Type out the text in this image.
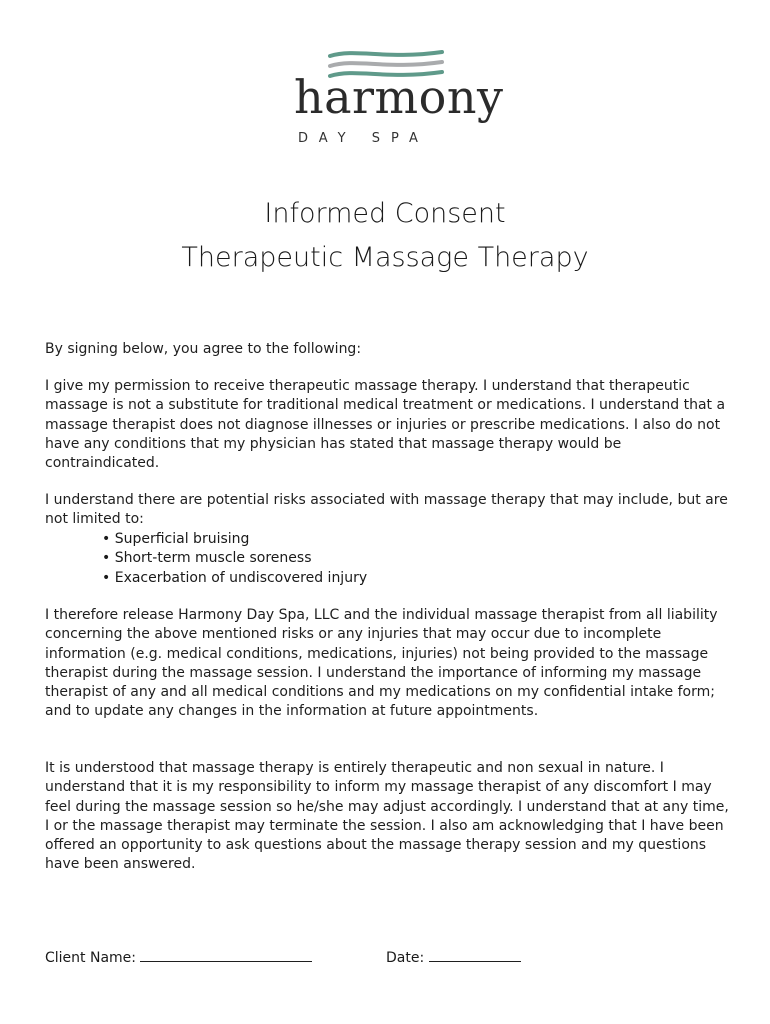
harmony
DAY SPA
Informed Consent
Therapeutic Massage Therapy
By signing below, you agree to the following:
I give my permission to receive therapeutic massage therapy. I understand that therapeutic massage is not a substitute for traditional medical treatment or medications. I understand that a massage therapist does not diagnose illnesses or injuries or prescribe medications. I also do not have any conditions that my physician has stated that massage therapy would be contraindicated.
I understand there are potential risks associated with massage therapy that may include, but are not limited to:
• Superficial bruising
• Short-term muscle soreness
• Exacerbation of undiscovered injury
I therefore release Harmony Day Spa, LLC and the individual massage therapist from all liability concerning the above mentioned risks or any injuries that may occur due to incomplete information (e.g. medical conditions, medications, injuries) not being provided to the massage therapist during the massage session. I understand the importance of informing my massage therapist of any and all medical conditions and my medications on my confidential intake form; and to update any changes in the information at future appointments.
It is understood that massage therapy is entirely therapeutic and non sexual in nature. I understand that it is my responsibility to inform my massage therapist of any discomfort I may feel during the massage session so he/she may adjust accordingly. I understand that at any time, I or the massage therapist may terminate the session. I also am acknowledging that I have been offered an opportunity to ask questions about the massage therapy session and my questions have been answered.
Client Name:	Date:
